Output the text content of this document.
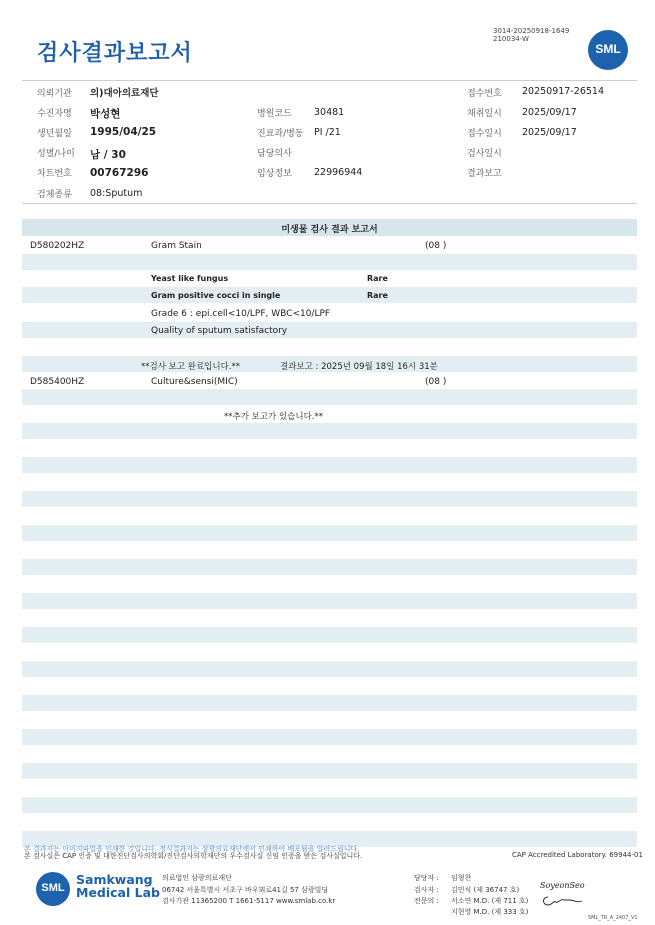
검사결과보고서
3014-20250918-1649
210034-W
SML
의뢰기관 의)대아의료재단	접수번호 20250917-26514
수진자명 박성현	병원코드 30481	채취일시 2025/09/17
생년월일 1995/04/25	진료과/병동 PI /21	접수일시 2025/09/17
성별/나이 남 / 30	담당의사	검사일시
차트번호 00767296	임상정보 22996944	결과보고
검체종류 08:Sputum
미생물 검사 결과 보고서
D580202HZ	Gram Stain	(08 )
Yeast like fungus	Rare
Gram positive cocci in single	Rare
Grade 6 : epi.cell<10/LPF, WBC<10/LPF
Quality of sputum satisfactory
**검사 보고 완료입니다.**	결과보고 : 2025년 09월 18일 16시 31분
D585400HZ	Culture&sensi(MIC)	(08 )
**추가 보고가 있습니다.**
본 결과지는 이미지파일을 인쇄한 것입니다. 정식결과지는 삼광의료재단에서 인쇄하여 배포됨을 알려드립니다.
본 검사실은 CAP 인증 및 대한진단검사의학회/진단검사의학재단의 우수검사실 신임 인증을 받은 검사실입니다.	CAP Accredited Laboratory. 69944-01
SML
Samkwang
Medical Lab
의료법인 삼광의료재단
06742 서울특별시 서초구 바우뫼로41길 57 삼광빌딩
검사기관 11365200 T 1661-5117 www.smlab.co.kr
담당자 : 임형찬
검사자 : 김민식 (제 36747 호)
전문의 : 서소연 M.D. (제 711 호)
지현영 M.D. (제 333 호)
SoyeonSeo
SML_TR_A_2407_V1
